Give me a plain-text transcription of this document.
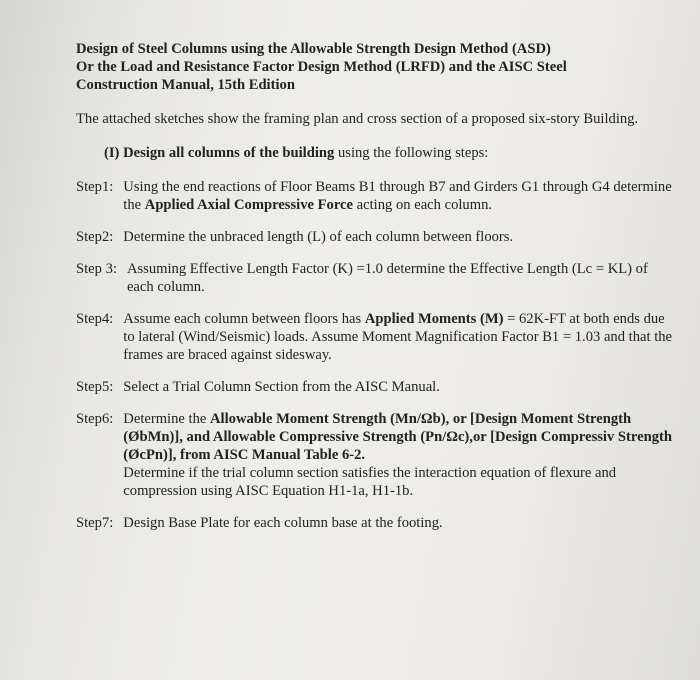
Design of Steel Columns using the Allowable Strength Design Method (ASD)
Or the Load and Resistance Factor Design Method (LRFD) and the AISC Steel
Construction Manual, 15th Edition

The attached sketches show the framing plan and cross section of a proposed six-story Building.

(I) Design all columns of the building using the following steps:

Step1: Using the end reactions of Floor Beams B1 through B7 and Girders G1 through G4 determine the Applied Axial Compressive Force acting on each column.

Step2: Determine the unbraced length (L) of each column between floors.

Step 3: Assuming Effective Length Factor (K) =1.0 determine the Effective Length (Lc = KL) of each column.

Step4: Assume each column between floors has Applied Moments (M) = 62K-FT at both ends due to lateral (Wind/Seismic) loads. Assume Moment Magnification Factor B1 = 1.03 and that the frames are braced against sidesway.

Step5: Select a Trial Column Section from the AISC Manual.

Step6: Determine the Allowable Moment Strength (Mn/Ωb), or [Design Moment Strength (ØbMn)], and Allowable Compressive Strength (Pn/Ωc),or [Design Compressiv Strength (ØcPn)], from AISC Manual Table 6-2.

Determine if the trial column section satisfies the interaction equation of flexure and compression using AISC Equation H1-1a, H1-1b.

Step7: Design Base Plate for each column base at the footing.
